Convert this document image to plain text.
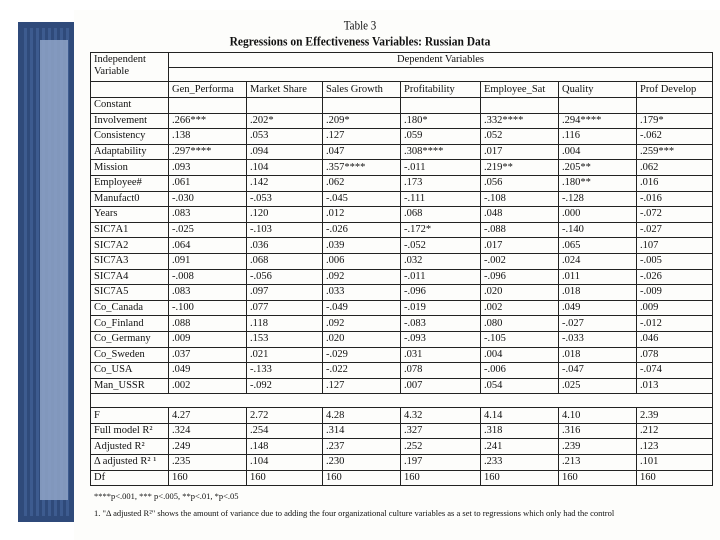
Table 3
Regressions on Effectiveness Variables: Russian Data
Independent Variable	Dependent Variables						

	Gen_Performa	Market Share	Sales Growth	Profitability	Employee_Sat	Quality	Prof Develop
Constant							
Involvement	.266***	.202*	.209*	.180*	.332****	.294****	.179*
Consistency	.138	.053	.127	.059	.052	.116	-.062
Adaptability	.297****	.094	.047	.308****	.017	.004	.259***
Mission	.093	.104	.357****	-.011	.219**	.205**	.062
Employee#	.061	.142	.062	.173	.056	.180**	.016
Manufact0	-.030	-.053	-.045	-.111	-.108	-.128	-.016
Years	.083	.120	.012	.068	.048	.000	-.072
SIC7A1	-.025	-.103	-.026	-.172*	-.088	-.140	-.027
SIC7A2	.064	.036	.039	-.052	.017	.065	.107
SIC7A3	.091	.068	.006	.032	-.002	.024	-.005
SIC7A4	-.008	-.056	.092	-.011	-.096	.011	-.026
SIC7A5	.083	.097	.033	-.096	.020	.018	-.009
Co_Canada	-.100	.077	-.049	-.019	.002	.049	.009
Co_Finland	.088	.118	.092	-.083	.080	-.027	-.012
Co_Germany	.009	.153	.020	-.093	-.105	-.033	.046
Co_Sweden	.037	.021	-.029	.031	.004	.018	.078
Co_USA	.049	-.133	-.022	.078	-.006	-.047	-.074
Man_USSR	.002	-.092	.127	.007	.054	.025	.013

F	4.27	2.72	4.28	4.32	4.14	4.10	2.39
Full model R²	.324	.254	.314	.327	.318	.316	.212
Adjusted R²	.249	.148	.237	.252	.241	.239	.123
Δ adjusted R² ¹	.235	.104	.230	.197	.233	.213	.101
Df	160	160	160	160	160	160	160
****p<.001, *** p<.005, **p<.01, *p<.05
1. "Δ adjusted R²" shows the amount of variance due to adding the four organizational culture variables as a set to regressions which only had the control
